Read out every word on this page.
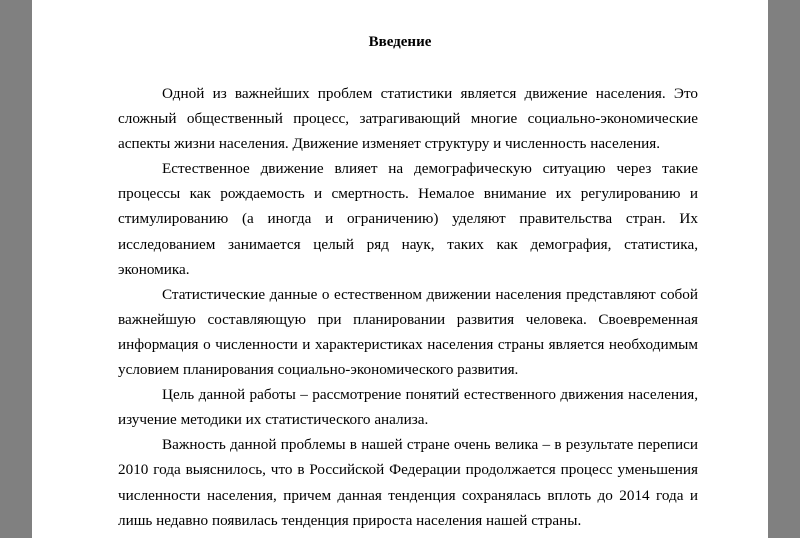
Введение

Одной из важнейших проблем статистики является движение населения. Это сложный общественный процесс, затрагивающий многие социально-экономические аспекты жизни населения. Движение изменяет структуру и численность населения.

Естественное движение влияет на демографическую ситуацию через такие процессы как рождаемость и смертность. Немалое внимание их регулированию и стимулированию (а иногда и ограничению) уделяют правительства стран. Их исследованием занимается целый ряд наук, таких как демография, статистика, экономика.

Статистические данные о естественном движении населения представляют собой важнейшую составляющую при планировании развития человека. Своевременная информация о численности и характеристиках населения страны является необходимым условием планирования социально-экономического развития.

Цель данной работы – рассмотрение понятий естественного движения населения, изучение методики их статистического анализа.

Важность данной проблемы в нашей стране очень велика – в результате переписи 2010 года выяснилось, что в Российской Федерации продолжается процесс уменьшения численности населения, причем данная тенденция сохранялась вплоть до 2014 года и лишь недавно появилась тенденция прироста населения нашей страны.
